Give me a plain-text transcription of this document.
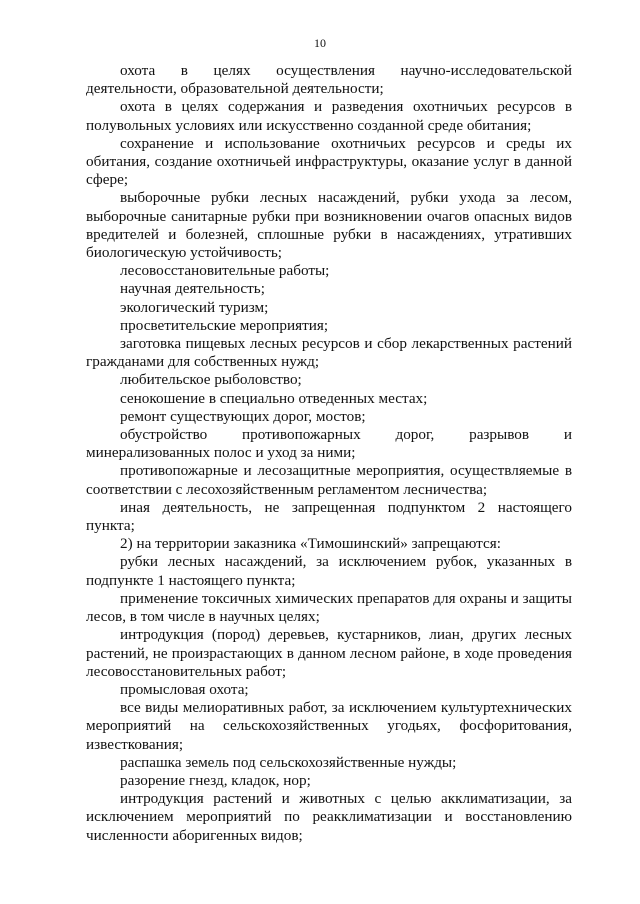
10

охота в целях осуществления научно-исследовательской деятельности, образовательной деятельности;

охота в целях содержания и разведения охотничьих ресурсов в полувольных условиях или искусственно созданной среде обитания;

сохранение и использование охотничьих ресурсов и среды их обитания, создание охотничьей инфраструктуры, оказание услуг в данной сфере;

выборочные рубки лесных насаждений, рубки ухода за лесом, выборочные санитарные рубки при возникновении очагов опасных видов вредителей и болезней, сплошные рубки в насаждениях, утративших биологическую устойчивость;

лесовосстановительные работы;

научная деятельность;

экологический туризм;

просветительские мероприятия;

заготовка пищевых лесных ресурсов и сбор лекарственных растений гражданами для собственных нужд;

любительское рыболовство;

сенокошение в специально отведенных местах;

ремонт существующих дорог, мостов;

обустройство противопожарных дорог, разрывов и минерализованных полос и уход за ними;

противопожарные и лесозащитные мероприятия, осуществляемые в соответствии с лесохозяйственным регламентом лесничества;

иная деятельность, не запрещенная подпунктом 2 настоящего пункта;

2) на территории заказника «Тимошинский» запрещаются:

рубки лесных насаждений, за исключением рубок, указанных в подпункте 1 настоящего пункта;

применение токсичных химических препаратов для охраны и защиты лесов, в том числе в научных целях;

интродукция (пород) деревьев, кустарников, лиан, других лесных растений, не произрастающих в данном лесном районе, в ходе проведения лесовосстановительных работ;

промысловая охота;

все виды мелиоративных работ, за исключением культуртехнических мероприятий на сельскохозяйственных угодьях, фосфоритования, известкования;

распашка земель под сельскохозяйственные нужды;

разорение гнезд, кладок, нор;

интродукция растений и животных с целью акклиматизации, за исключением мероприятий по реакклиматизации и восстановлению численности аборигенных видов;
